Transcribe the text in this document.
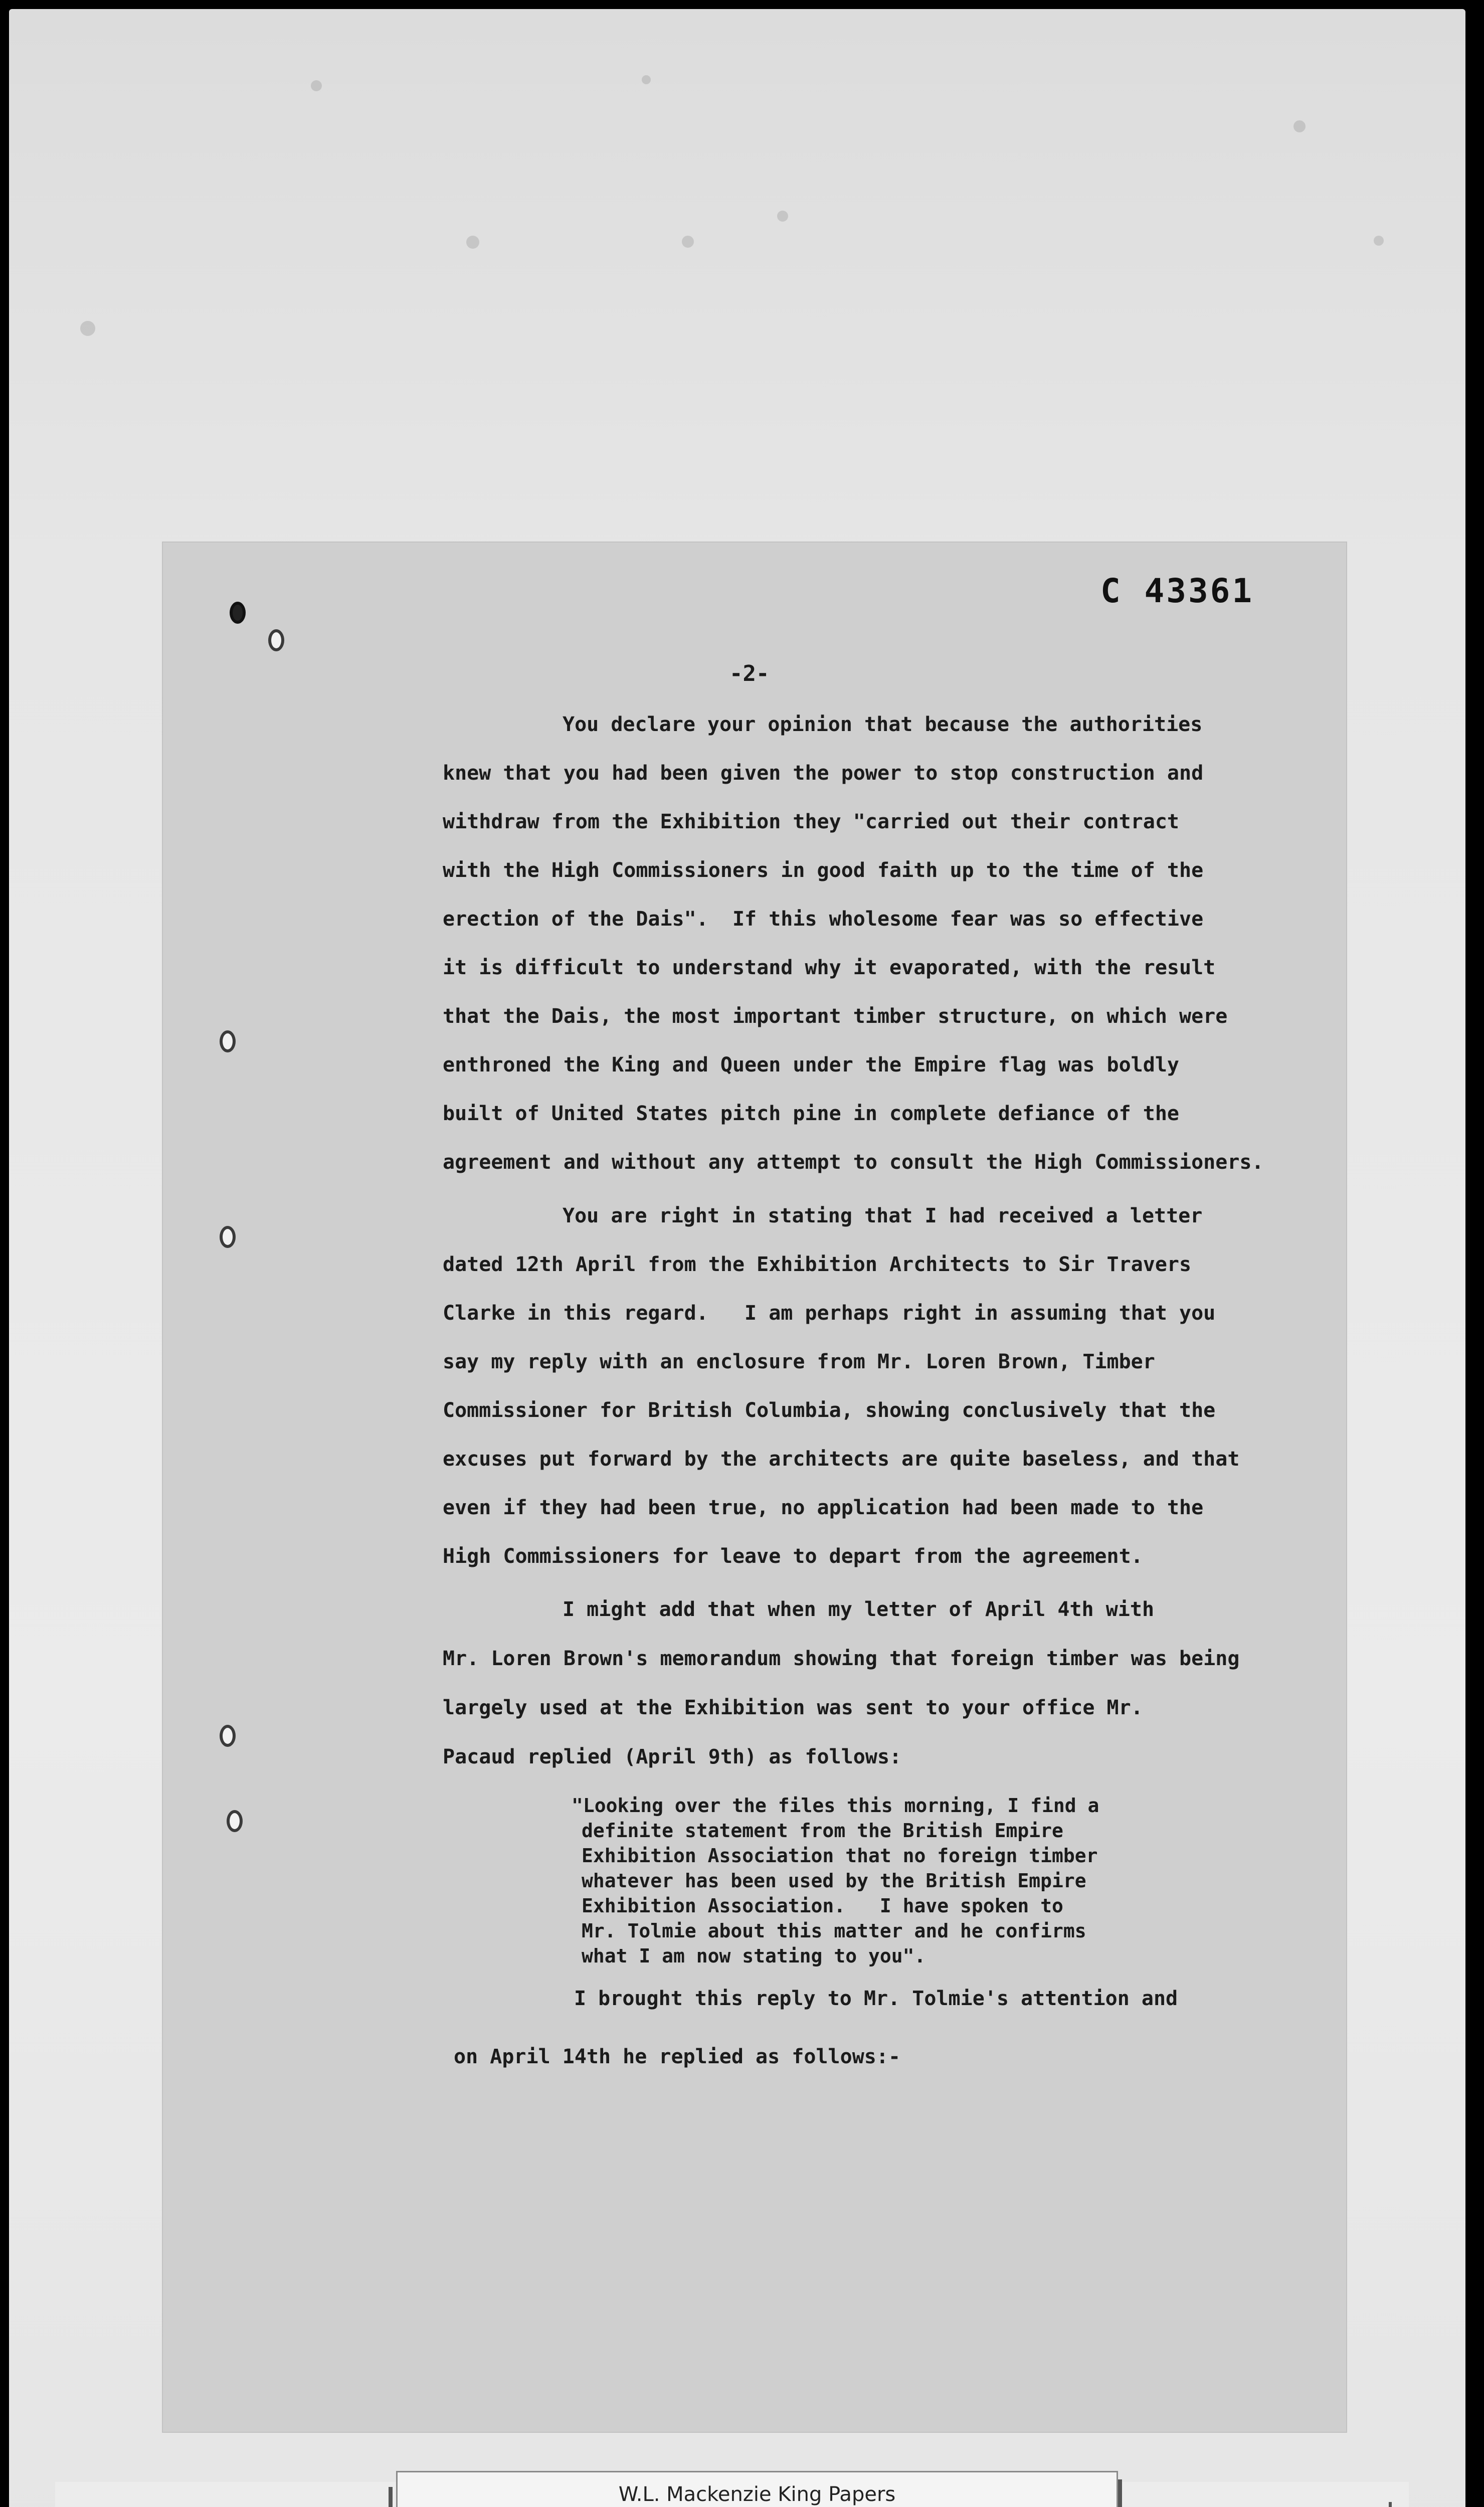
C 43361
-2-
You declare your opinion that because the authorities
knew that you had been given the power to stop construction and
withdraw from the Exhibition they "carried out their contract
with the High Commissioners in good faith up to the time of the
erection of the Dais".  If this wholesome fear was so effective
it is difficult to understand why it evaporated, with the result
that the Dais, the most important timber structure, on which were
enthroned the King and Queen under the Empire flag was boldly
built of United States pitch pine in complete defiance of the
agreement and without any attempt to consult the High Commissioners.
You are right in stating that I had received a letter
dated 12th April from the Exhibition Architects to Sir Travers
Clarke in this regard.   I am perhaps right in assuming that you
say my reply with an enclosure from Mr. Loren Brown, Timber
Commissioner for British Columbia, showing conclusively that the
excuses put forward by the architects are quite baseless, and that
even if they had been true, no application had been made to the
High Commissioners for leave to depart from the agreement.
I might add that when my letter of April 4th with
Mr. Loren Brown's memorandum showing that foreign timber was being
largely used at the Exhibition was sent to your office Mr.
Pacaud replied (April 9th) as follows:
"Looking over the files this morning, I find a
definite statement from the British Empire
Exhibition Association that no foreign timber
whatever has been used by the British Empire
Exhibition Association.   I have spoken to
Mr. Tolmie about this matter and he confirms
what I am now stating to you".
I brought this reply to Mr. Tolmie's attention and
on April 14th he replied as follows:-
W.L. Mackenzie King Papers
